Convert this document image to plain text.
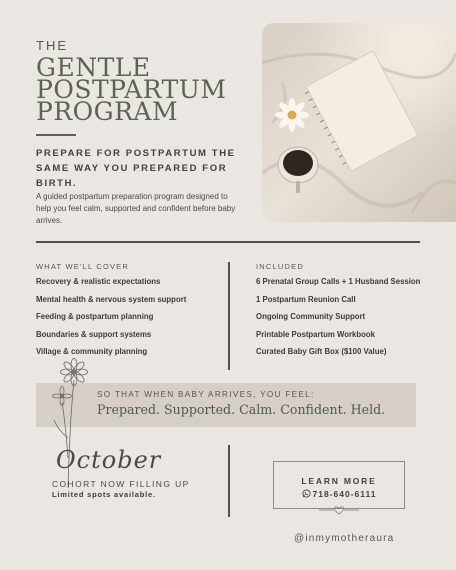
THE
GENTLE
POSTPARTUM
PROGRAM
PREPARE FOR POSTPARTUM THE SAME WAY YOU PREPARED FOR BIRTH.
A guided postpartum preparation program designed to help you feel calm, supported and confident before baby arrives.
WHAT WE'LL COVER
Recovery & realistic expectations
Mental health & nervous system support
Feeding & postpartum planning
Boundaries & support systems
Village & community planning
INCLUDED
6 Prenatal Group Calls + 1 Husband Session
1 Postpartum Reunion Call
Ongoing Community Support
Printable Postpartum Workbook
Curated Baby Gift Box ($100 Value)
SO THAT WHEN BABY ARRIVES, YOU FEEL:
Prepared. Supported. Calm. Confident. Held.
October
COHORT NOW FILLING UP
Limited spots available.
LEARN MORE
718-640-6111
@inmymotheraura
